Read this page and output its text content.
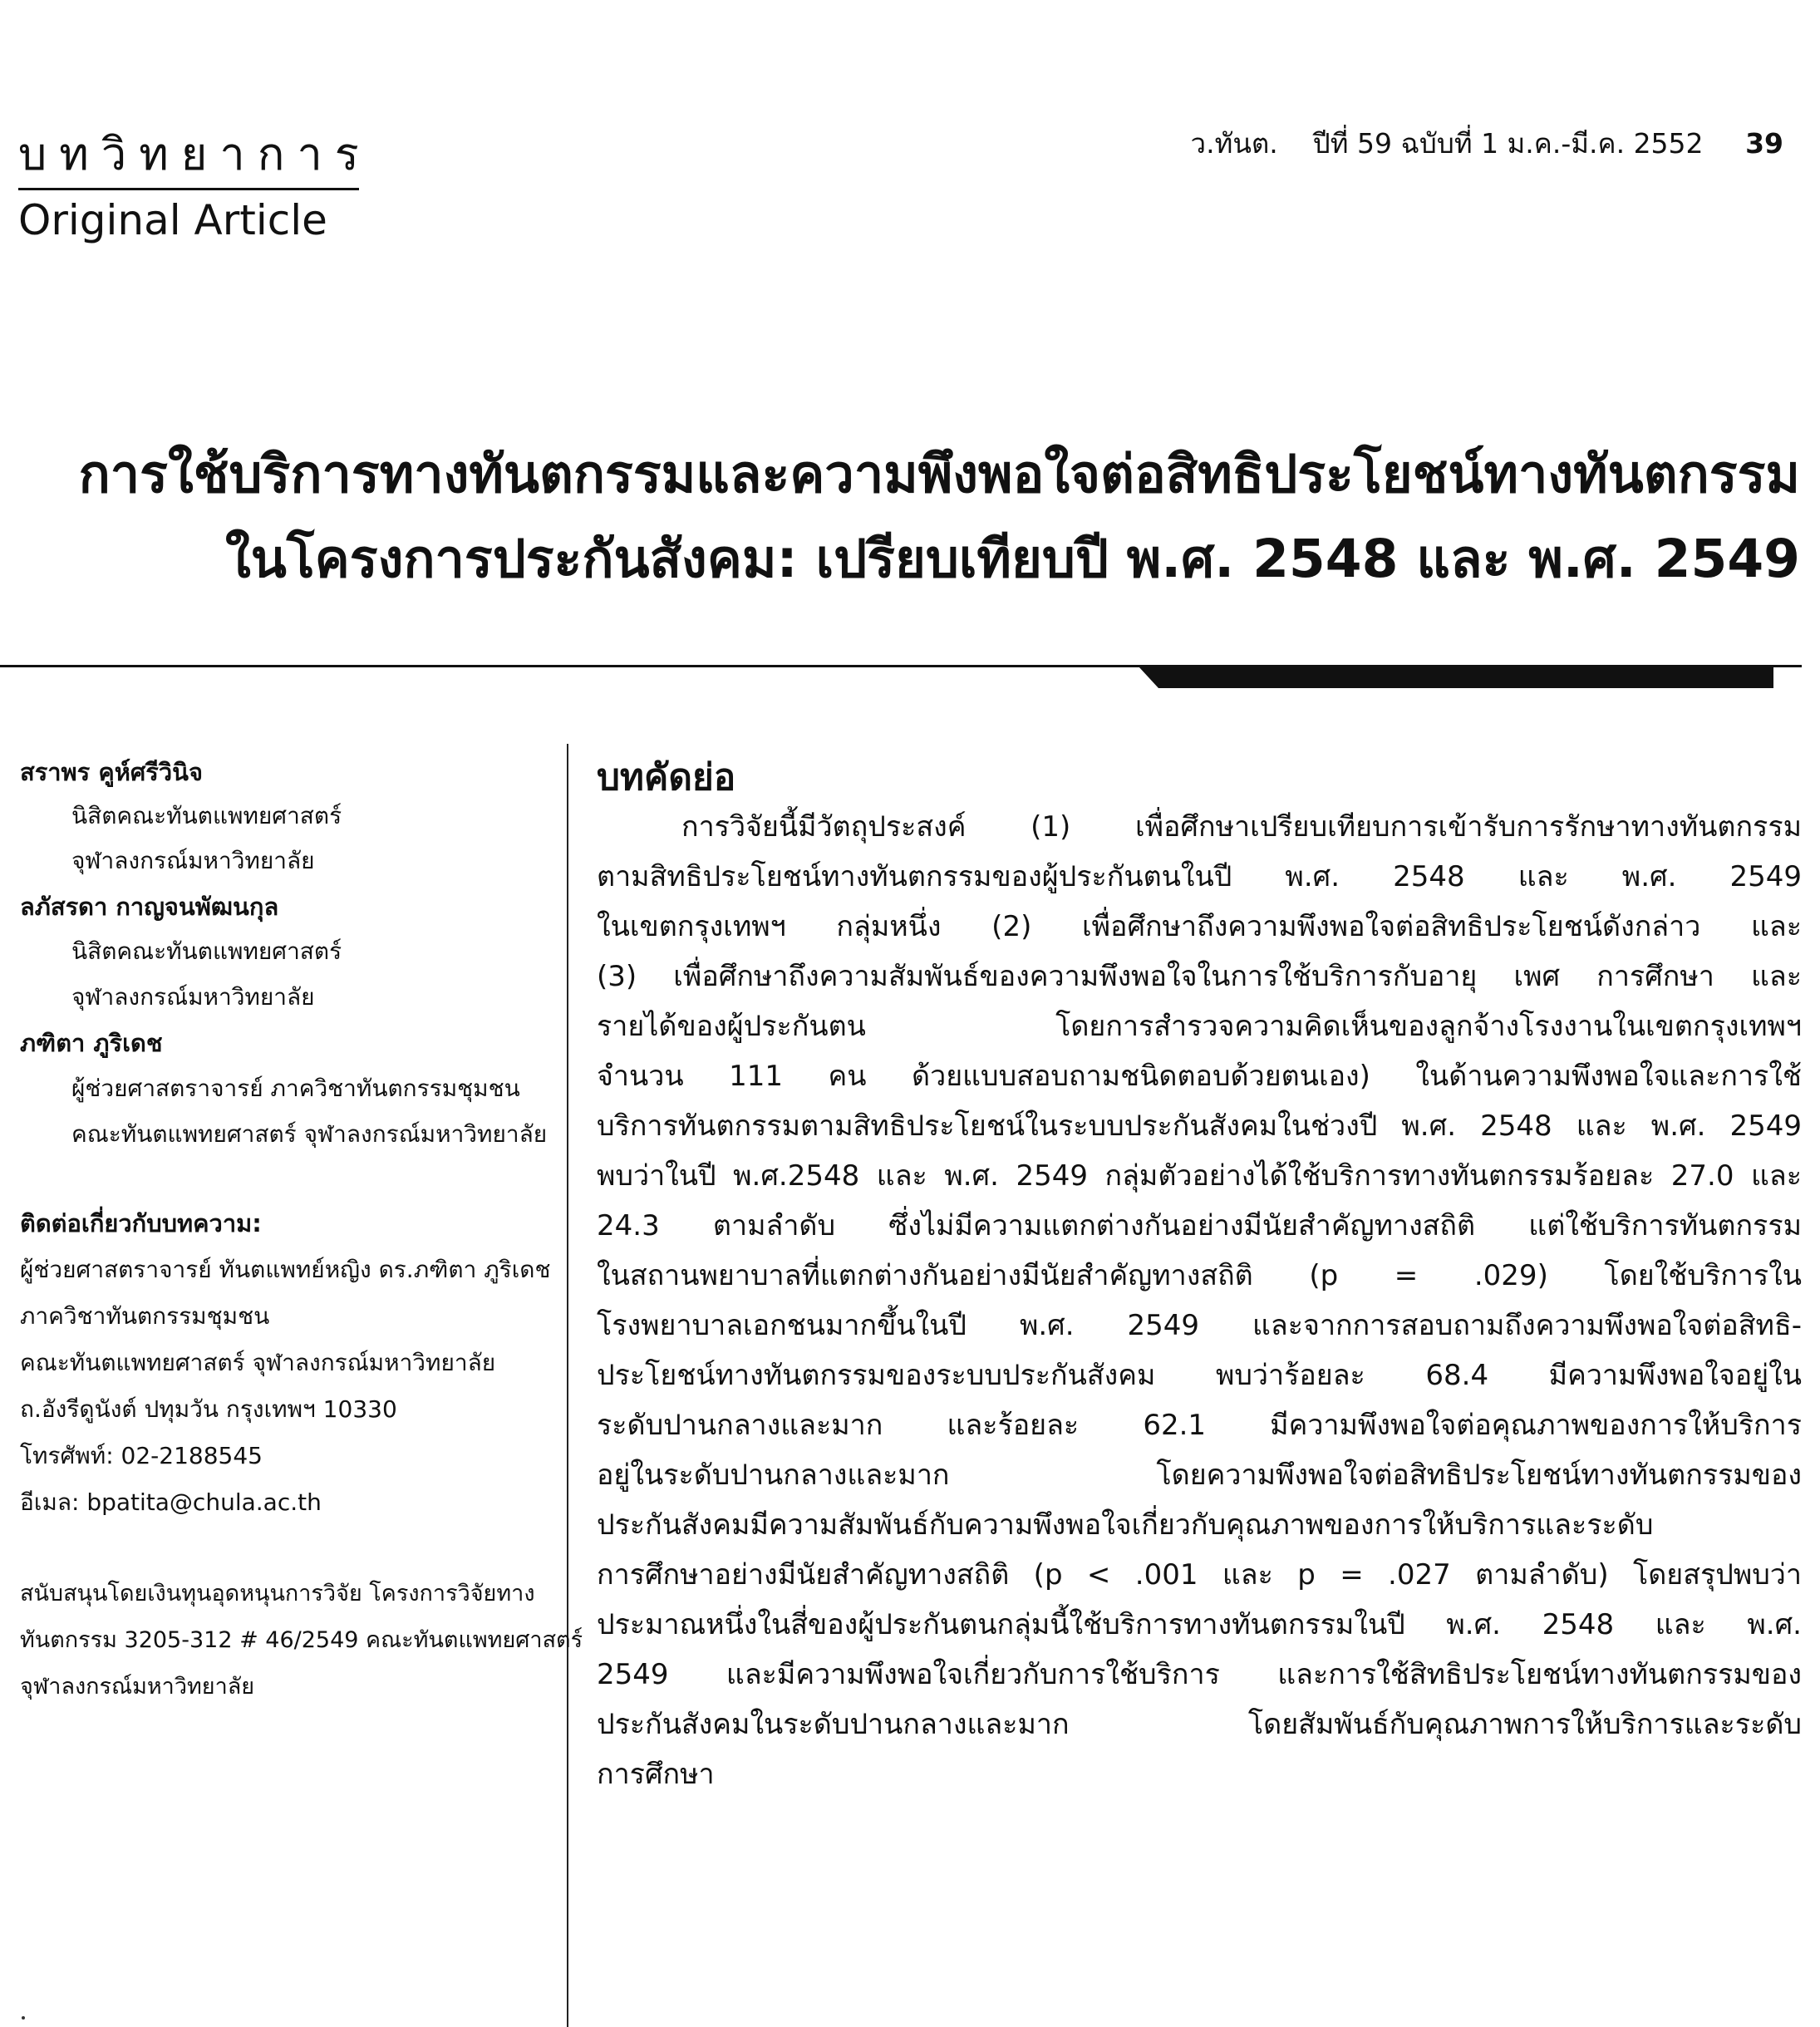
บทวิทยาการ
Original Article
ว.ทันต. ปีที่ 59 ฉบับที่ 1 ม.ค.-มี.ค. 2552 39
การใช้บริการทางทันตกรรมและความพึงพอใจต่อสิทธิประโยชน์ทางทันตกรรม
ในโครงการประกันสังคม: เปรียบเทียบปี พ.ศ. 2548 และ พ.ศ. 2549
สราพร คูห์ศรีวินิจ
นิสิตคณะทันตแพทยศาสตร์
จุฬาลงกรณ์มหาวิทยาลัย
ลภัสรดา กาญจนพัฒนกุล
นิสิตคณะทันตแพทยศาสตร์
จุฬาลงกรณ์มหาวิทยาลัย
ภฑิตา ภูริเดช
ผู้ช่วยศาสตราจารย์ ภาควิชาทันตกรรมชุมชน
คณะทันตแพทยศาสตร์ จุฬาลงกรณ์มหาวิทยาลัย
ติดต่อเกี่ยวกับบทความ:
ผู้ช่วยศาสตราจารย์ ทันตแพทย์หญิง ดร.ภฑิตา ภูริเดช
ภาควิชาทันตกรรมชุมชน
คณะทันตแพทยศาสตร์ จุฬาลงกรณ์มหาวิทยาลัย
ถ.อังรีดูนังต์ ปทุมวัน กรุงเทพฯ 10330
โทรศัพท์: 02-2188545
อีเมล: bpatita@chula.ac.th
สนับสนุนโดยเงินทุนอุดหนุนการวิจัย โครงการวิจัยทาง
ทันตกรรม 3205-312 # 46/2549 คณะทันตแพทยศาสตร์
จุฬาลงกรณ์มหาวิทยาลัย
บทคัดย่อ
การวิจัยนี้มีวัตถุประสงค์ (1) เพื่อศึกษาเปรียบเทียบการเข้ารับการรักษาทางทันตกรรม
ตามสิทธิประโยชน์ทางทันตกรรมของผู้ประกันตนในปี พ.ศ. 2548 และ พ.ศ. 2549
ในเขตกรุงเทพฯ กลุ่มหนึ่ง (2) เพื่อศึกษาถึงความพึงพอใจต่อสิทธิประโยชน์ดังกล่าว และ
(3) เพื่อศึกษาถึงความสัมพันธ์ของความพึงพอใจในการใช้บริการกับอายุ เพศ การศึกษา และ
รายได้ของผู้ประกันตน โดยการสำรวจความคิดเห็นของลูกจ้างโรงงานในเขตกรุงเทพฯ
จำนวน 111 คน ด้วยแบบสอบถามชนิดตอบด้วยตนเอง) ในด้านความพึงพอใจและการใช้
บริการทันตกรรมตามสิทธิประโยชน์ในระบบประกันสังคมในช่วงปี พ.ศ. 2548 และ พ.ศ. 2549
พบว่าในปี พ.ศ.2548 และ พ.ศ. 2549 กลุ่มตัวอย่างได้ใช้บริการทางทันตกรรมร้อยละ 27.0 และ
24.3 ตามลำดับ ซึ่งไม่มีความแตกต่างกันอย่างมีนัยสำคัญทางสถิติ แต่ใช้บริการทันตกรรม
ในสถานพยาบาลที่แตกต่างกันอย่างมีนัยสำคัญทางสถิติ (p = .029) โดยใช้บริการใน
โรงพยาบาลเอกชนมากขึ้นในปี พ.ศ. 2549 และจากการสอบถามถึงความพึงพอใจต่อสิทธิ-
ประโยชน์ทางทันตกรรมของระบบประกันสังคม พบว่าร้อยละ 68.4 มีความพึงพอใจอยู่ใน
ระดับปานกลางและมาก และร้อยละ 62.1 มีความพึงพอใจต่อคุณภาพของการให้บริการ
อยู่ในระดับปานกลางและมาก โดยความพึงพอใจต่อสิทธิประโยชน์ทางทันตกรรมของ
ประกันสังคมมีความสัมพันธ์กับความพึงพอใจเกี่ยวกับคุณภาพของการให้บริการและระดับ
การศึกษาอย่างมีนัยสำคัญทางสถิติ (p < .001 และ p = .027 ตามลำดับ) โดยสรุปพบว่า
ประมาณหนึ่งในสี่ของผู้ประกันตนกลุ่มนี้ใช้บริการทางทันตกรรมในปี พ.ศ. 2548 และ พ.ศ.
2549 และมีความพึงพอใจเกี่ยวกับการใช้บริการ และการใช้สิทธิประโยชน์ทางทันตกรรมของ
ประกันสังคมในระดับปานกลางและมาก โดยสัมพันธ์กับคุณภาพการให้บริการและระดับ
การศึกษา
